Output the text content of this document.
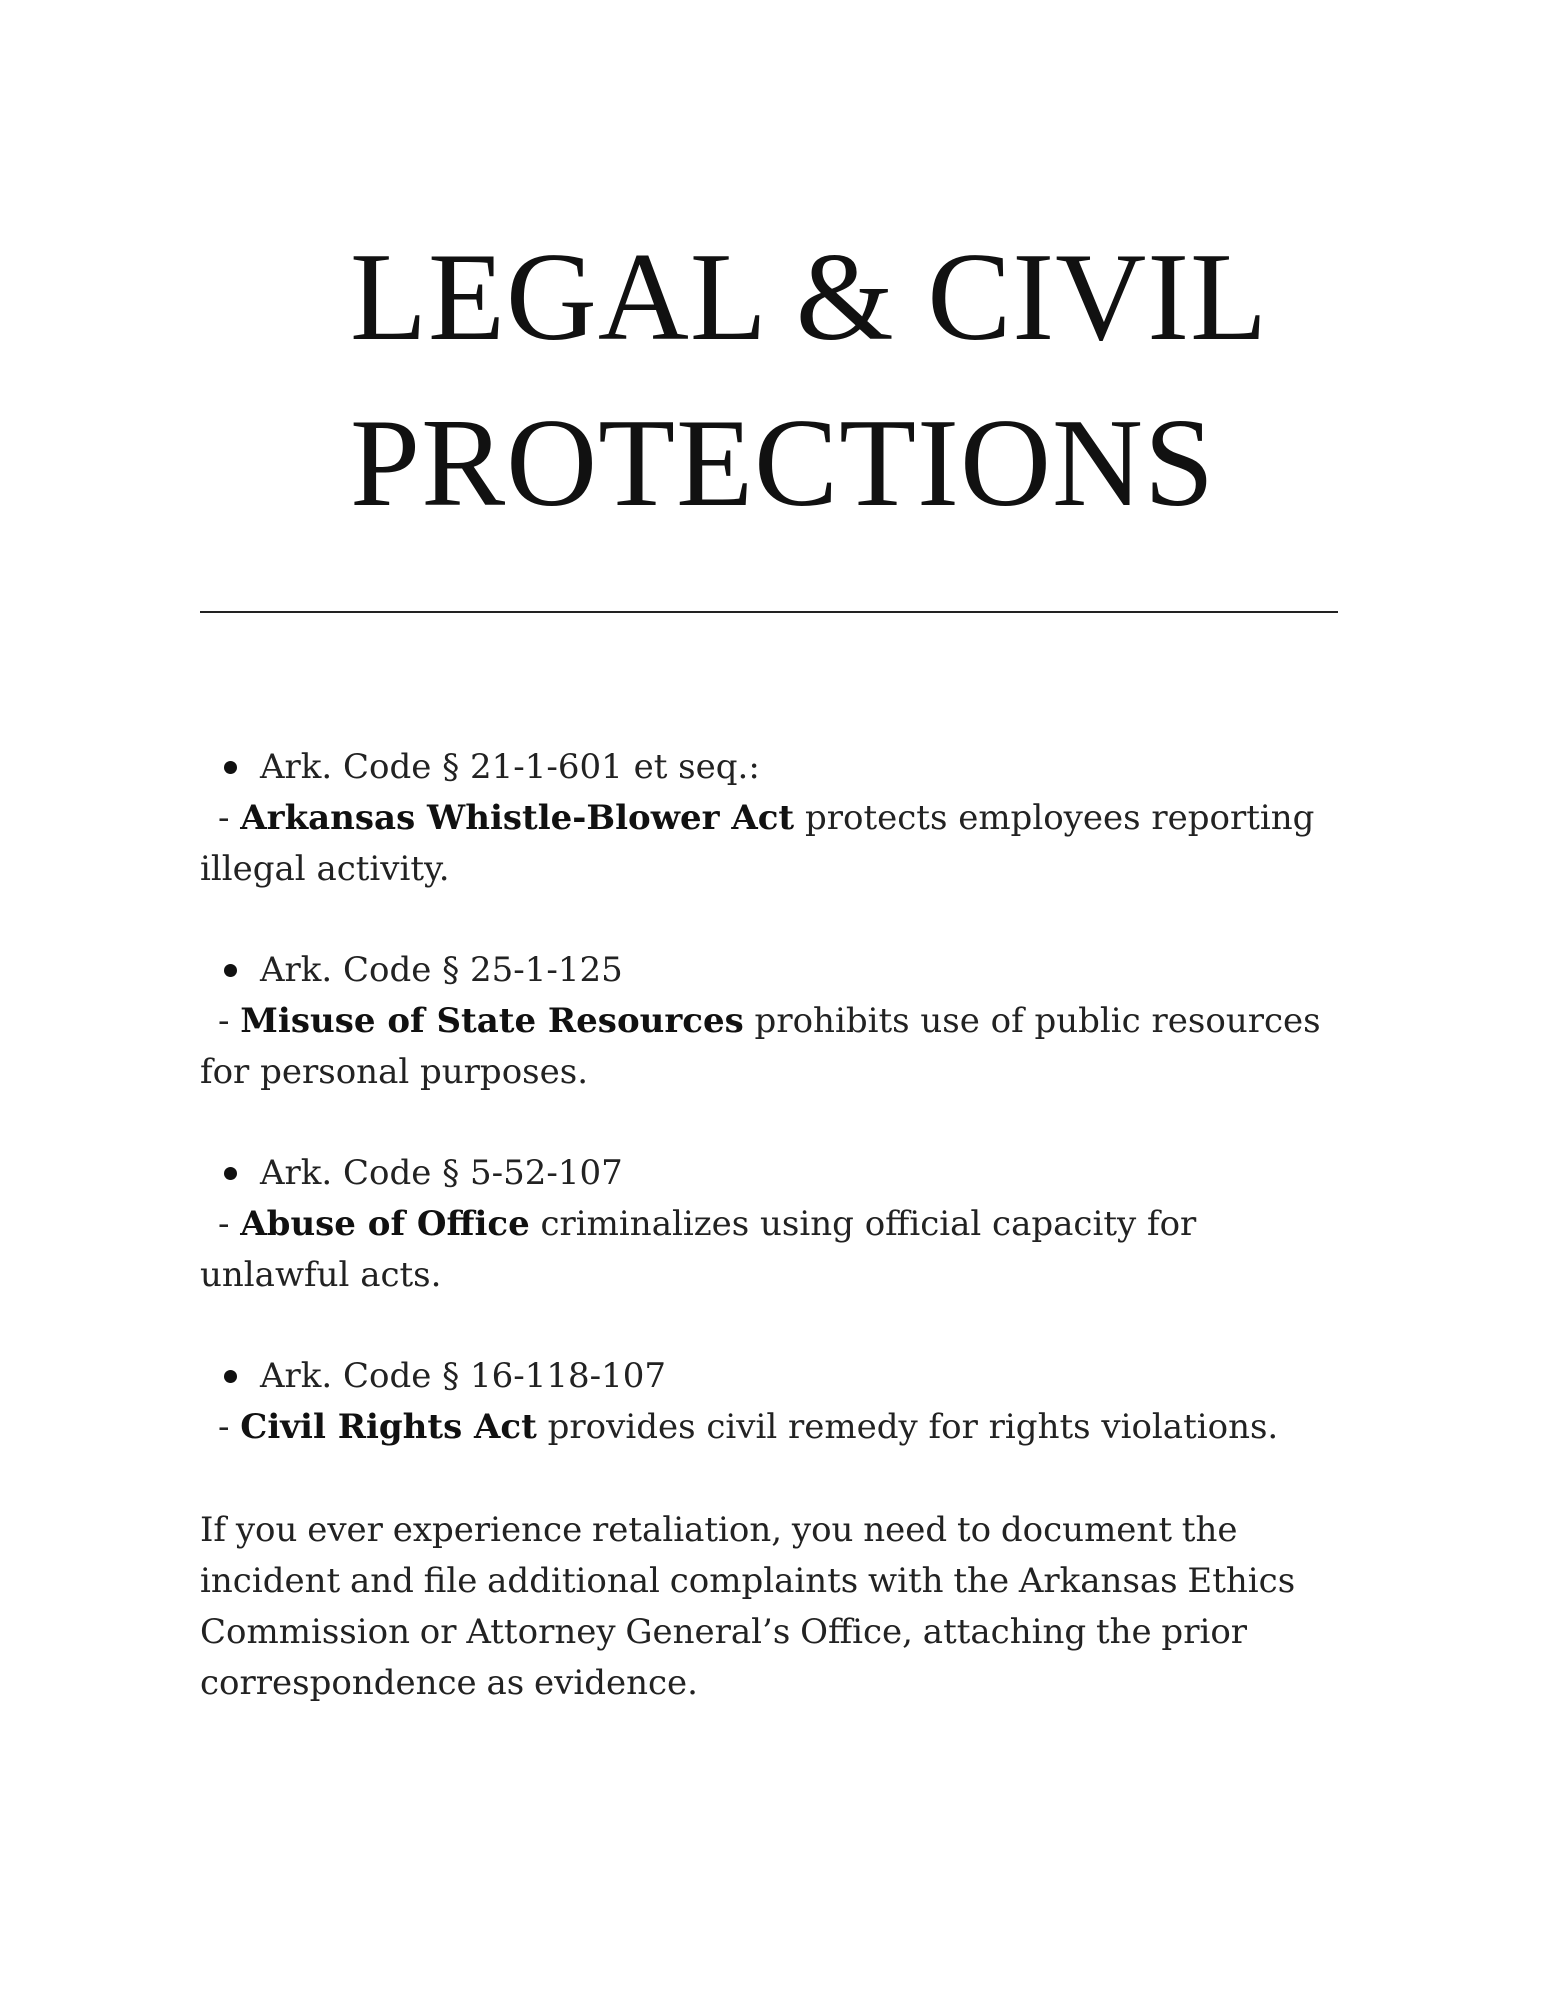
LEGAL & CIVIL
PROTECTIONS
Ark. Code § 21-1-601 et seq.:

- Arkansas Whistle-Blower Act protects employees reporting illegal activity.

Ark. Code § 25-1-125

- Misuse of State Resources prohibits use of public resources for personal purposes.

Ark. Code § 5-52-107

- Abuse of Office criminalizes using official capacity for unlawful acts.

Ark. Code § 16-118-107

- Civil Rights Act provides civil remedy for rights violations.

If you ever experience retaliation, you need to document the incident and file additional complaints with the Arkansas Ethics Commission or Attorney General’s Office, attaching the prior correspondence as evidence.
